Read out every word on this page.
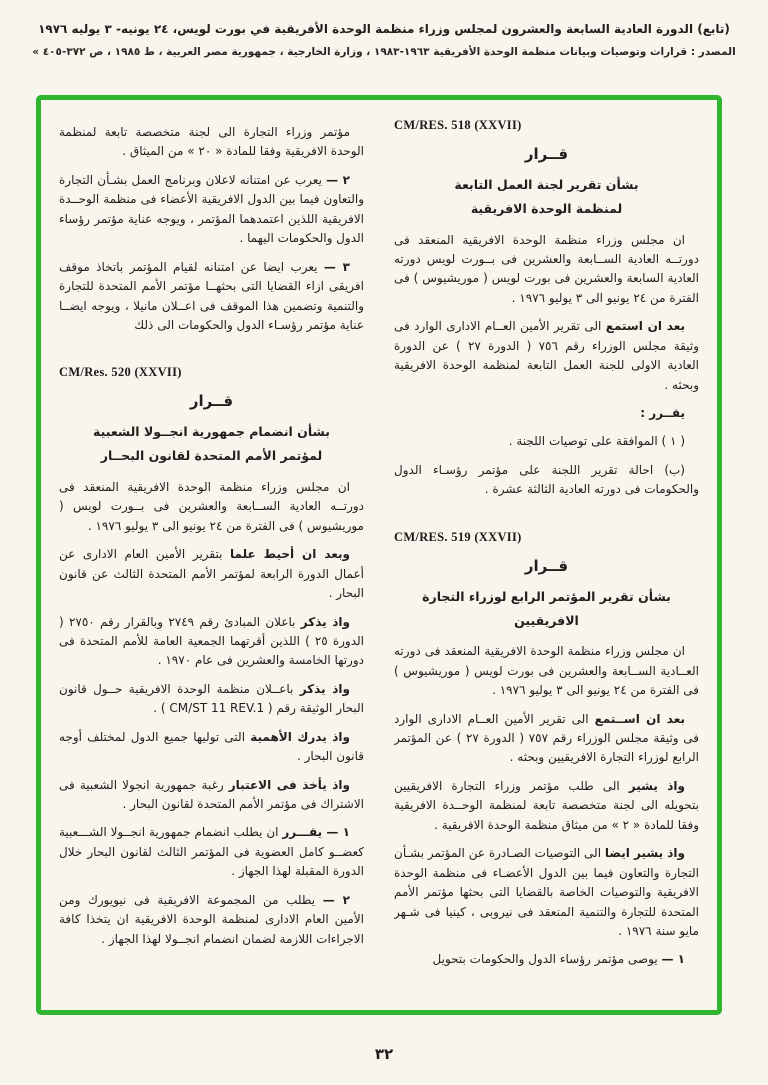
(تابع) الدورة العادية السابعة والعشرون لمجلس وزراء منظمة الوحدة الأفريقية في بورت لويس، ٢٤ يونيه- ٣ يوليه ١٩٧٦
المصدر : قرارات وتوصيات وبيانات منظمة الوحدة الأفريقية ١٩٦٣-١٩٨٣ ، وزارة الخارجية ، جمهورية مصر العربية ، ط ١٩٨٥ ، ص ٣٧٢-٤٠٥ »
CM/RES. 518 (XXVII)
قــرار
بشأن تقرير لجنة العمل التابعة
لمنظمة الوحدة الافريقية
ان مجلس وزراء منظمة الوحدة الافريقية المنعقد فى دورتــه العادية الســابعة والعشرين فى بــورت لويس دورته العادية السابعة والعشرين فى بورت لويس ( موريشيوس ) فى الفترة من ٢٤ يونيو الى ٣ يوليو ١٩٧٦ .
بعد ان استمع الى تقرير الأمين العــام الادارى الوارد فى وثيقة مجلس الوزراء رقم ٧٥٦ ( الدورة ٢٧ ) عن الدورة العادية الاولى للجنة العمل التابعة لمنظمة الوحدة الافريقية وبحثه .
يقــرر :
( ١ ) الموافقة على توصيات اللجنة .
(ب) احالة تقرير اللجنة على مؤتمر رؤسـاء الدول والحكومات فى دورته العادية الثالثة عشرة .
CM/RES. 519 (XXVII)
قــرار
بشأن تقرير المؤتمر الرابع لوزراء التجارة الافريقيين
ان مجلس وزراء منظمة الوحدة الافريقية المنعقد فى دورته العــادية الســابعة والعشرين فى بورت لويس ( موريشيوس ) فى الفترة من ٢٤ يونيو الى ٣ يوليو ١٩٧٦ .
بعد ان اســتمع الى تقرير الأمين العــام الادارى الوارد فى وثيقة مجلس الوزراء رقم ٧٥٧ ( الدورة ٢٧ ) عن المؤتمر الرابع لوزراء التجارة الافريقيين وبحثه .
واذ يشير الى طلب مؤتمر وزراء التجارة الافريقيين بتحويله الى لجنة متخصصة تابعة لمنظمة الوحــدة الافريقية وفقا للمادة « ٢ » من ميثاق منظمة الوحدة الافريقية .
واذ يشير ايضا الى التوصيات الصـادرة عن المؤتمر بشـأن التجارة والتعاون فيما بين الدول الأعضـاء فى منظمة الوحدة الافريقية والتوصيات الخاصة بالقضايا التى بحثها مؤتمر الأمم المتحدة للتجارة والتنمية المنعقد فى نيروبى ، كينيا فى شـهر مايو سنة ١٩٧٦ .
١ — يوصى مؤتمر رؤساء الدول والحكومات بتحويل
مؤتمر وزراء التجارة الى لجنة متخصصة تابعة لمنظمة الوحدة الافريقية وفقا للمادة « ٢٠ » من الميثاق .
٢ — يعرب عن امتنانه لاعلان وبرنامج العمل بشـأن التجارة والتعاون فيما بين الدول الافريقية الأعضاء فى منظمة الوحــدة الافريقية اللذين اعتمدهما المؤتمر ، ويوجه عناية مؤتمر رؤساء الدول والحكومات اليهما .
٣ — يعرب ايضا عن امتنانه لقيام المؤتمر باتخاذ موقف افريقى ازاء القضايا التى بحثهــا مؤتمر الأمم المتحدة للتجارة والتنمية وتضمين هذا الموقف فى اعــلان مانيلا ، ويوجه ايضــا عناية مؤتمر رؤسـاء الدول والحكومات الى ذلك
CM/Res. 520 (XXVII)
قــرار
بشأن انضمام جمهورية انجــولا الشعبية
لمؤتمر الأمم المتحدة لقانون البحــار
ان مجلس وزراء منظمة الوحدة الافريقية المنعقد فى دورتــه العادية الســابعة والعشرين فى بــورت لويس ( موريشيوس ) فى الفترة من ٢٤ يونيو الى ٣ يوليو ١٩٧٦ .
وبعد ان أحيط علما بتقرير الأمين العام الادارى عن أعمال الدورة الرابعة لمؤتمر الأمم المتحدة الثالث عن قانون البحار .
واذ يذكر باعلان المبادئ رقم ٢٧٤٩ وبالقرار رقم ٢٧٥٠ ( الدورة ٢٥ ) اللذين أقرتهما الجمعية العامة للأمم المتحدة فى دورتها الخامسة والعشرين فى عام ١٩٧٠ .
واذ يذكر باعــلان منظمة الوحدة الافريقية حــول قانون البحار الوثيقة رقم ( CM/ST 11 REV.1 ) .
واذ يدرك الأهمية التى توليها جميع الدول لمختلف أوجه قانون البحار .
واذ يأخذ فى الاعتبار رغبة جمهورية انجولا الشعبية فى الاشتراك فى مؤتمر الأمم المتحدة لقانون البحار .
١ — يقـــرر ان يطلب انضمام جمهورية انجــولا الشـــعبية كعضــو كامل العضوية فى المؤتمر الثالث لقانون البحار خلال الدورة المقبلة لهذا الجهاز .
٢ — يطلب من المجموعة الافريقية فى نيويورك ومن الأمين العام الادارى لمنظمة الوحدة الافريقية ان يتخذا كافة الاجراءات اللازمة لضمان انضمام انجــولا لهذا الجهاز .
٣٢
